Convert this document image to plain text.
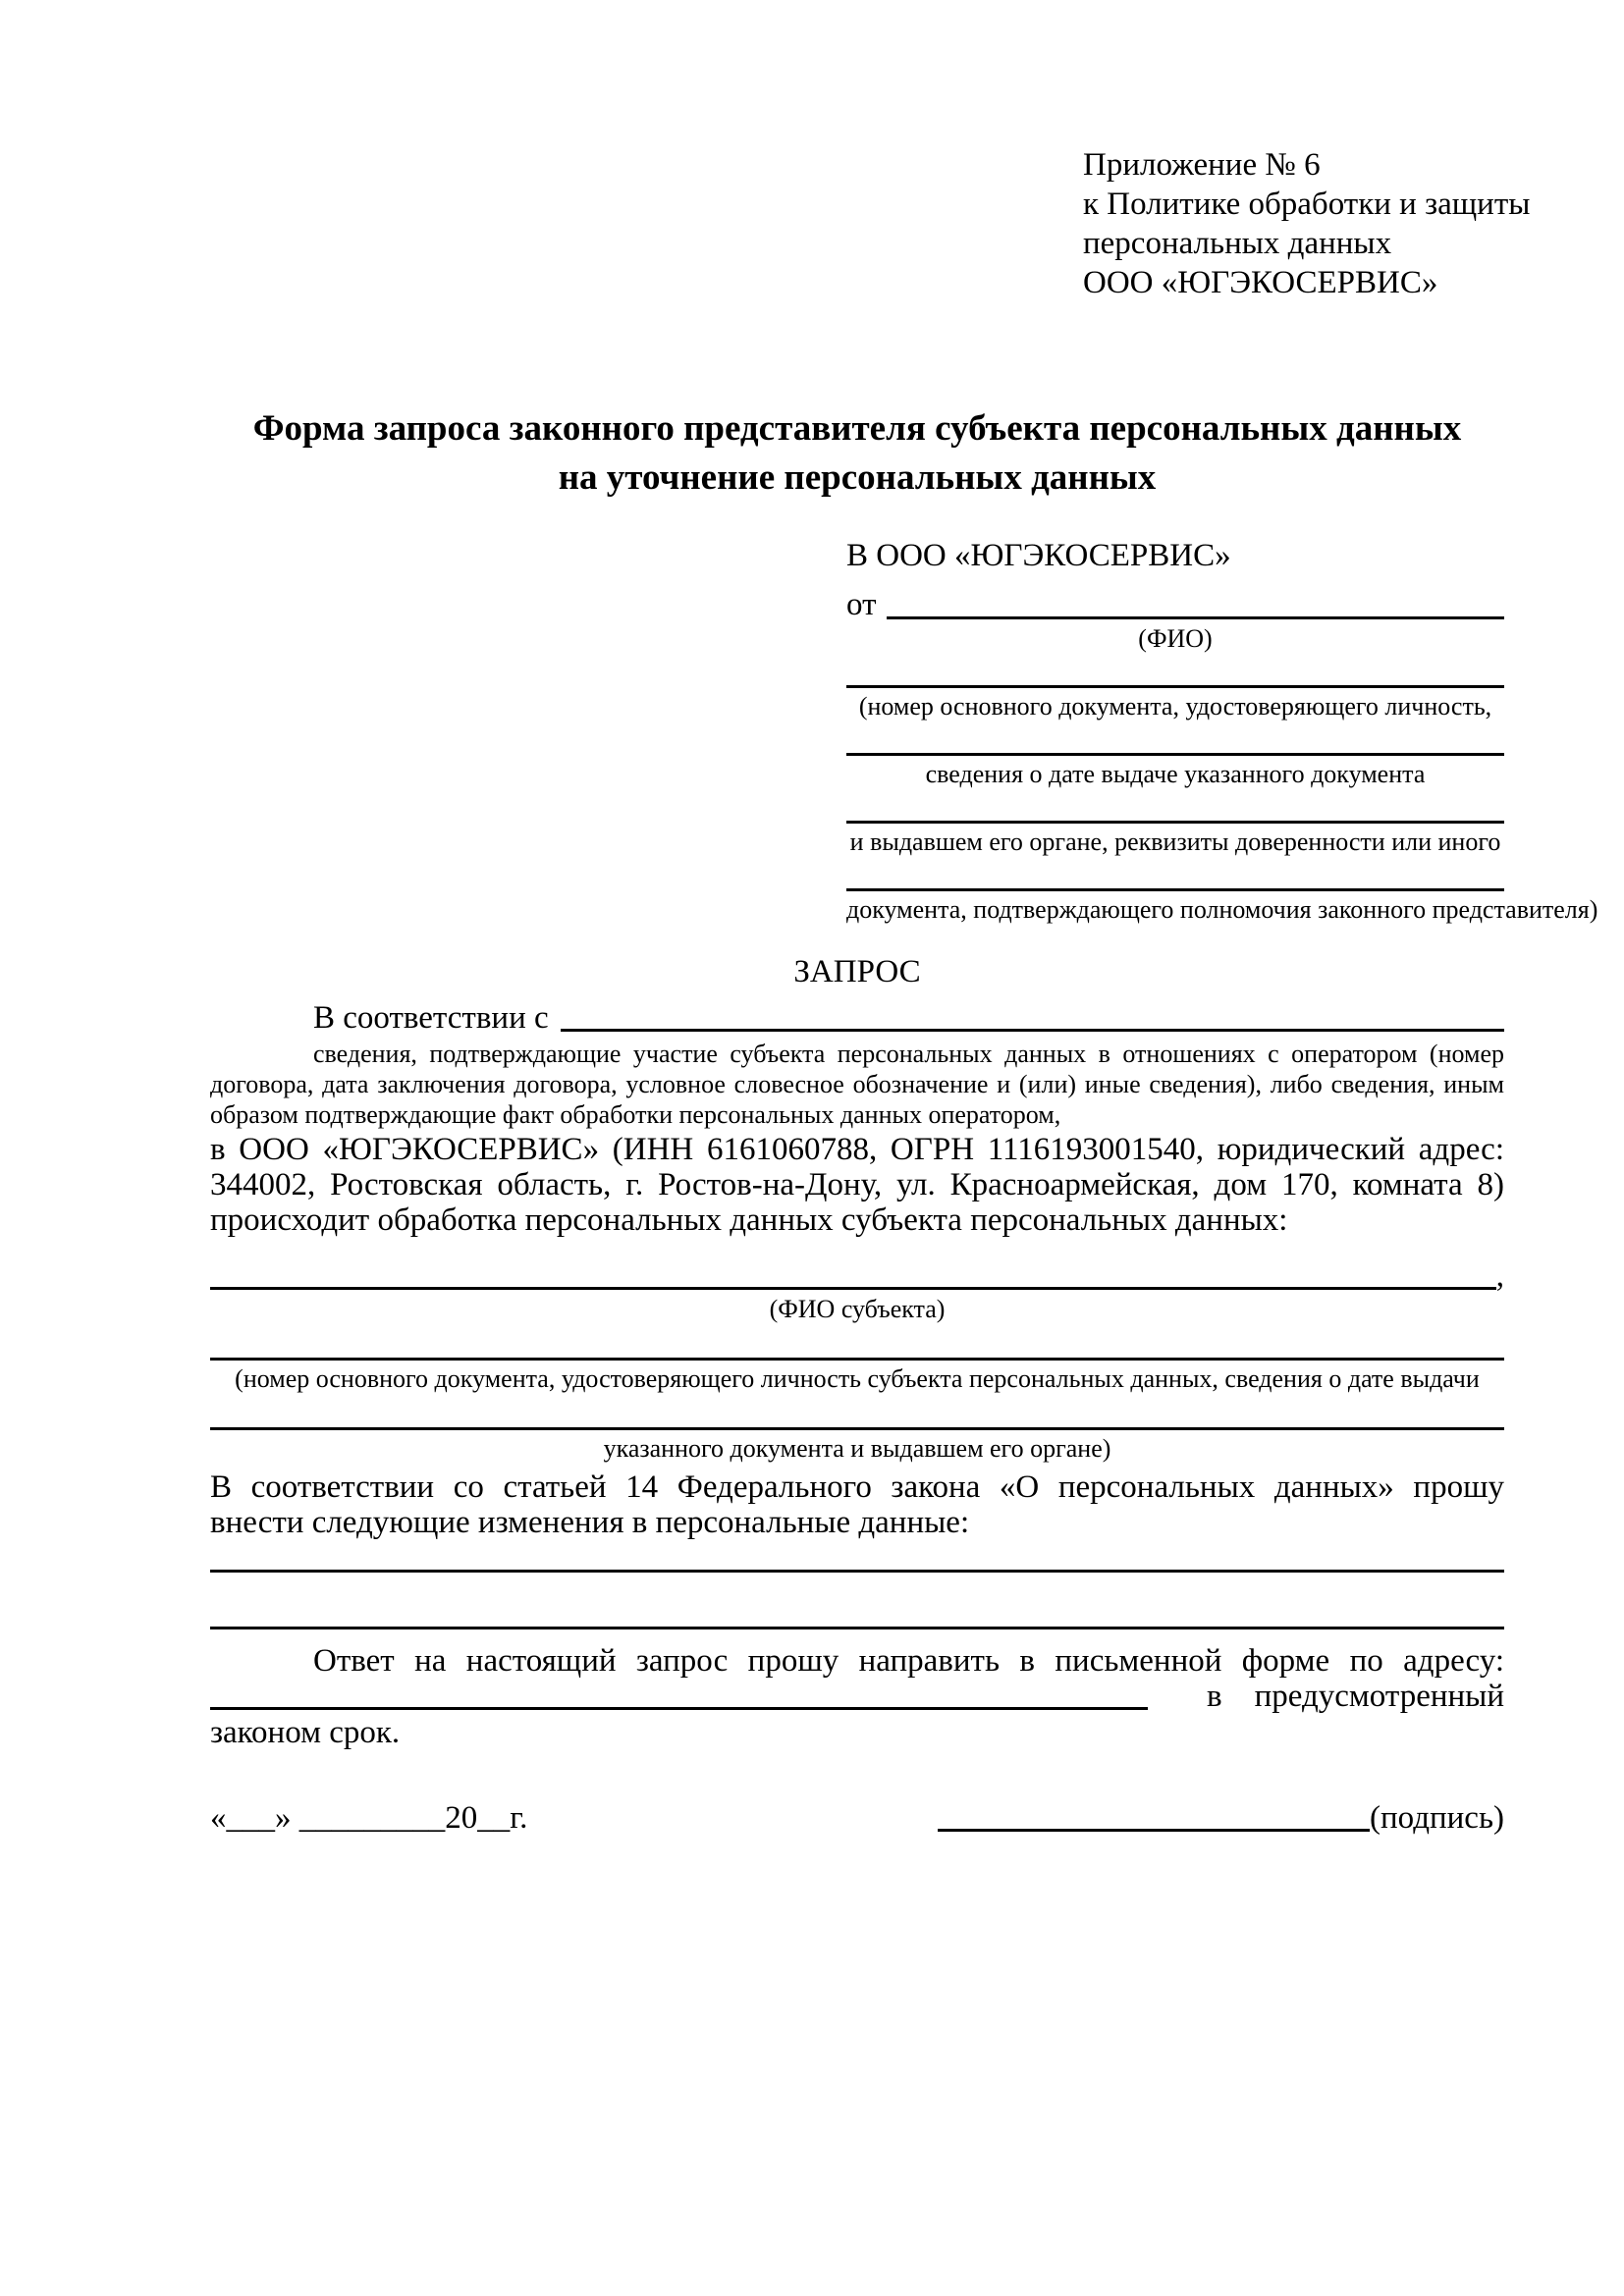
Приложение № 6
к Политике обработки и защиты
персональных данных
ООО «ЮГЭКОСЕРВИС»
Форма запроса законного представителя субъекта персональных данных
на уточнение персональных данных
В ООО «ЮГЭКОСЕРВИС»
от
(ФИО)
(номер основного документа, удостоверяющего личность,
сведения о дате выдаче указанного документа
и выдавшем его органе, реквизиты доверенности или иного
документа, подтверждающего полномочия законного представителя)
ЗАПРОС
В соответствии с

сведения, подтверждающие участие субъекта персональных данных в отношениях с оператором (номер договора, дата заключения договора, условное словесное обозначение и (или) иные сведения), либо сведения, иным образом подтверждающие факт обработки персональных данных оператором,

в ООО «ЮГЭКОСЕРВИС» (ИНН 6161060788, ОГРН 1116193001540, юридический адрес: 344002, Ростовская область, г. Ростов-на-Дону, ул. Красноармейская, дом 170, комната 8) происходит обработка персональных данных субъекта персональных данных:

,
(ФИО субъекта)
(номер основного документа, удостоверяющего личность субъекта персональных данных, сведения о дате выдачи
указанного документа и выдавшем его органе)
В соответствии со статьей 14 Федерального закона «О персональных данных» прошу
внести следующие изменения в персональные данные:
Ответ на настоящий запрос прошу направить в письменной форме по адресу:
в предусмотренный
законом срок.
«___» _________20__г.	(подпись)
